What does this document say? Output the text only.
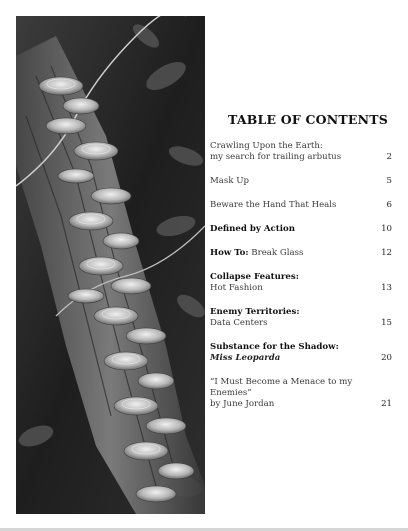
TABLE OF CONTENTS
Crawling Upon the Earth:
my search for trailing arbutus	2
Mask Up	5
Beware the Hand That Heals	6
Defined by Action	10
How To: Break Glass	12
Collapse Features:
Hot Fashion	13
Enemy Territories:
Data Centers	15
Substance for the Shadow:
Miss Leoparda	20
“I Must Become a Menace to my Enemies”
by June Jordan	21
